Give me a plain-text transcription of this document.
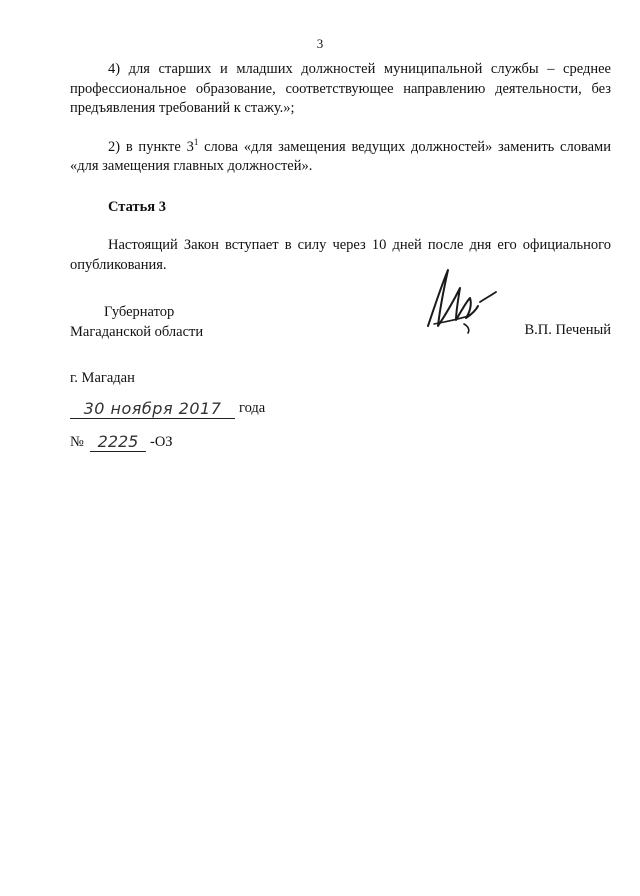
3

4) для старших и младших должностей муниципальной службы – среднее профессиональное образование, соответствующее направлению деятельности, без предъявления требований к стажу.»;

2) в пункте $3^1$ слова «для замещения ведущих должностей» заменить словами «для замещения главных должностей».

Статья 3

Настоящий Закон вступает в силу через 10 дней после дня его официального опубликования.

Губернатор
Магаданской области	В.П. Печеный
г. Магадан
30 ноября 2017	года
№ 2225 -ОЗ
